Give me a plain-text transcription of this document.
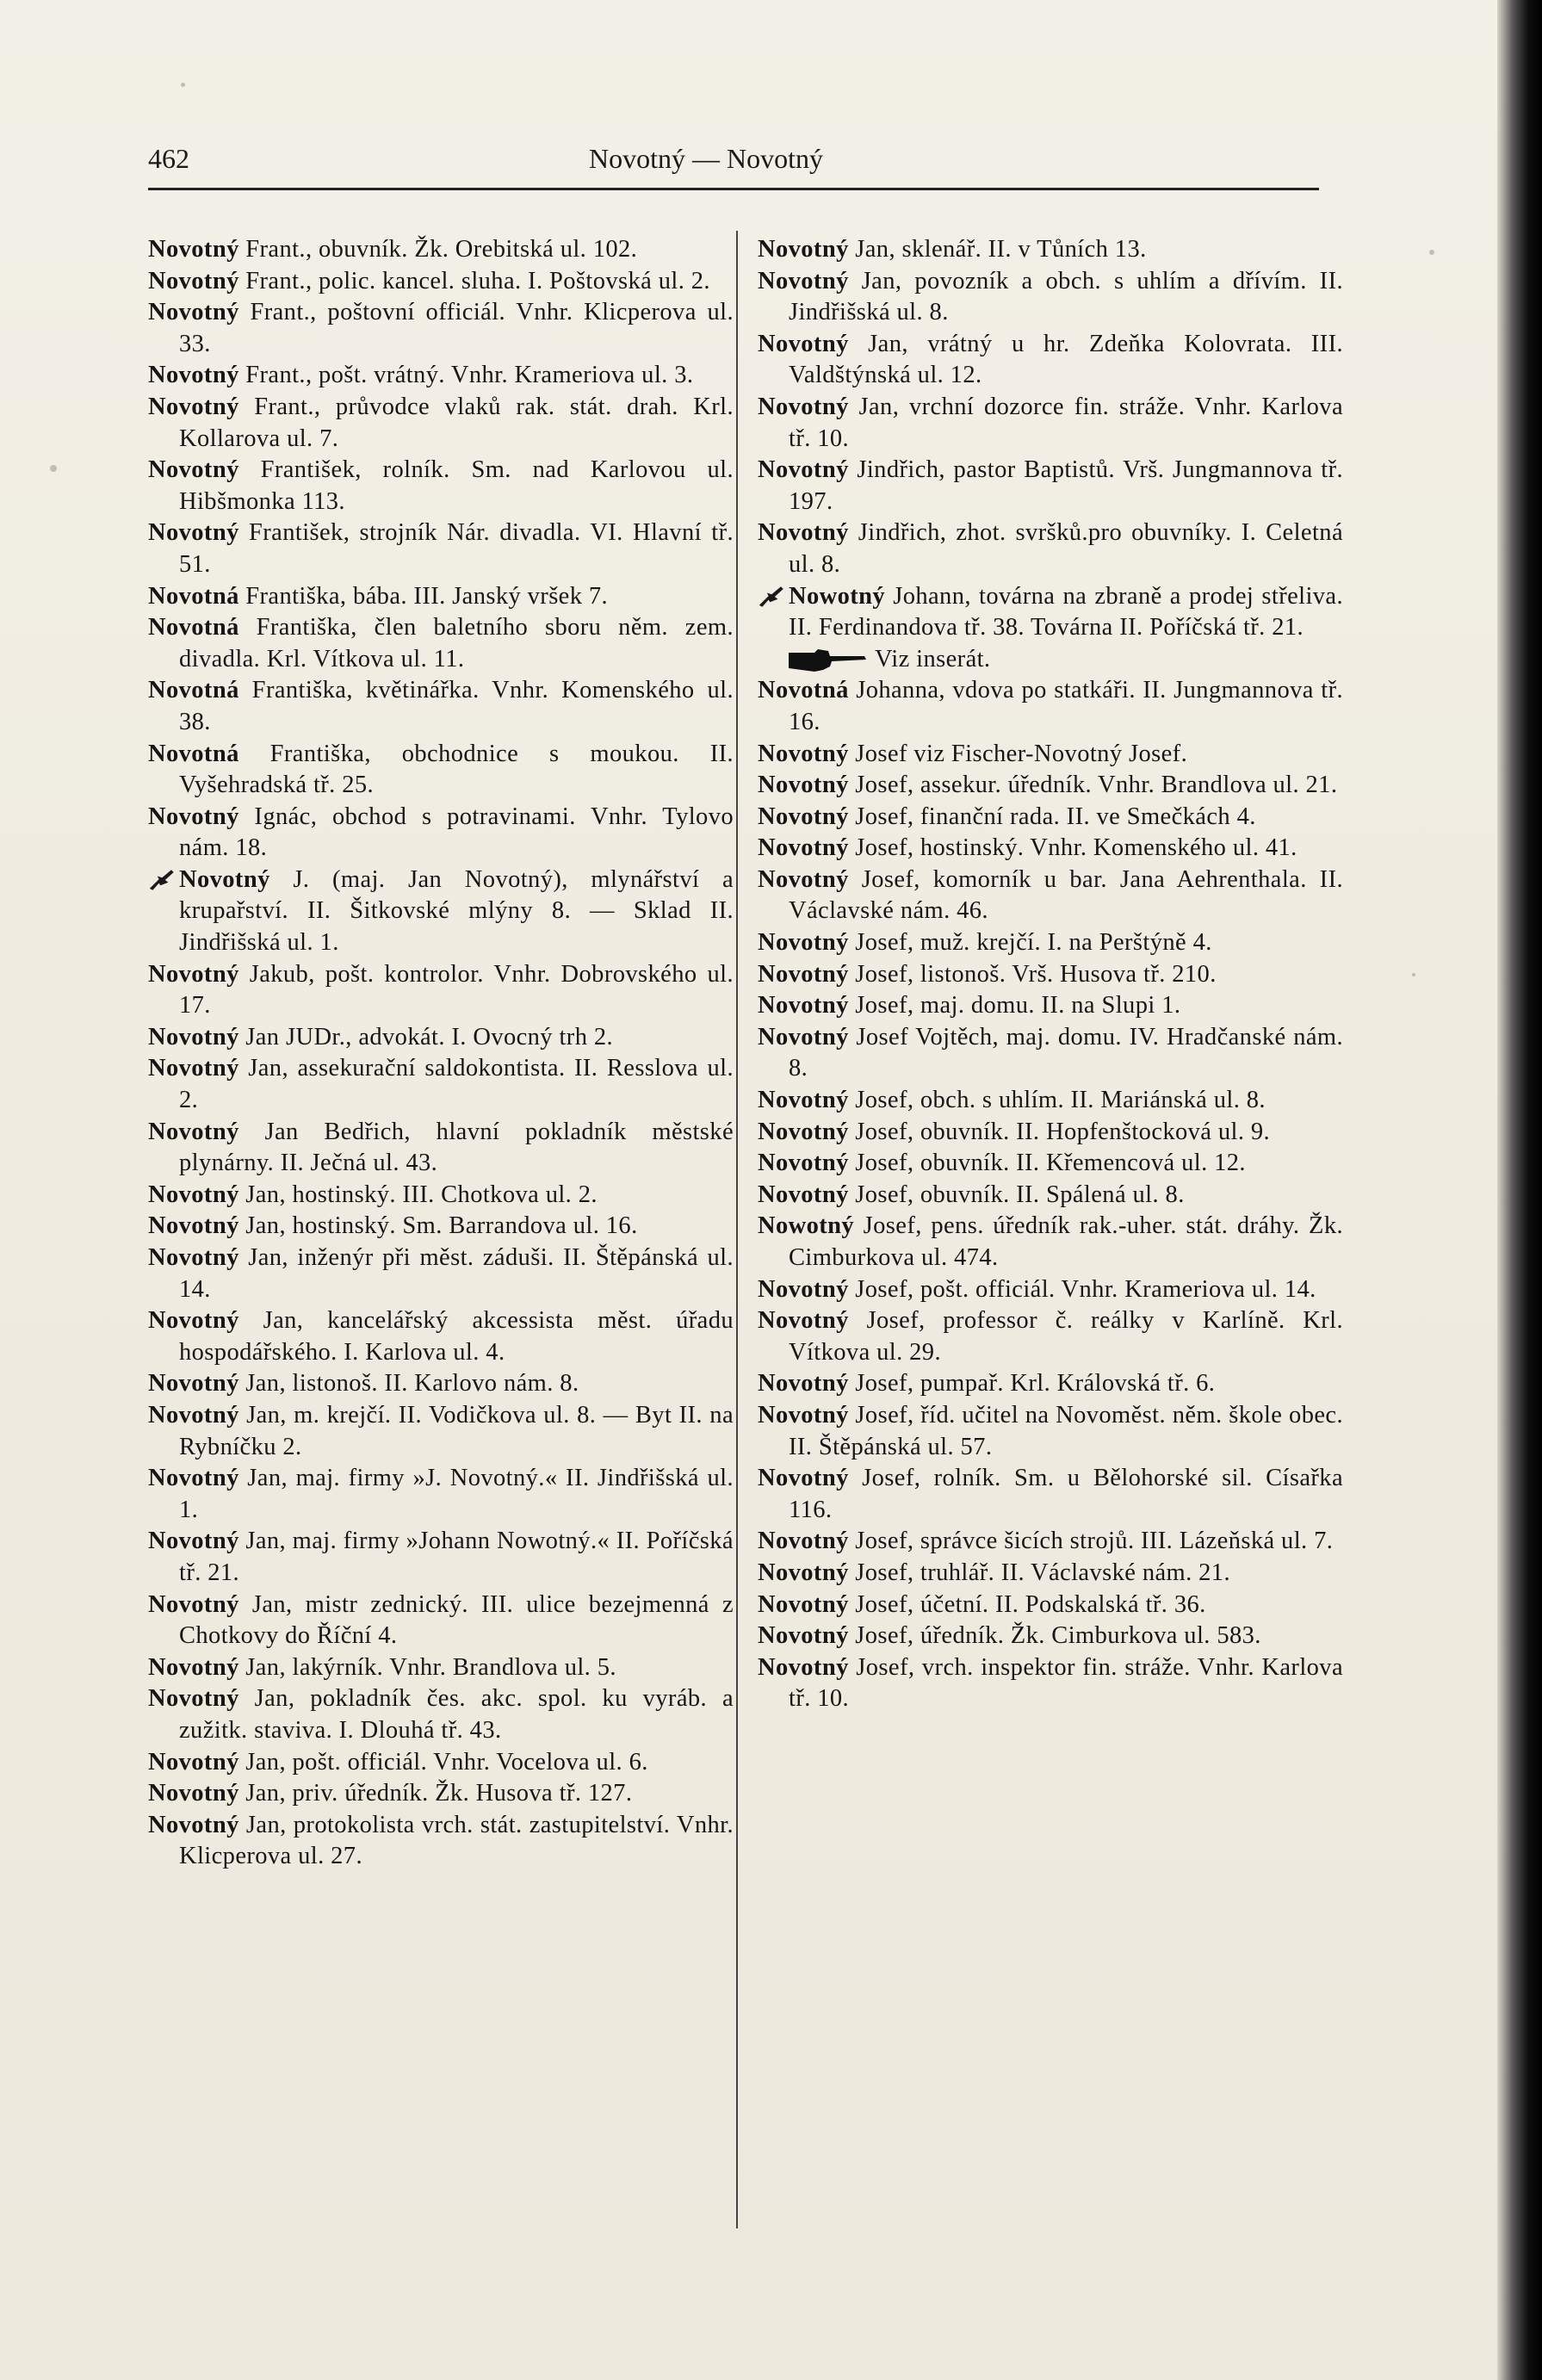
462	Novotný — Novotný
Novotný Frant., obuvník. Žk. Orebitská ul. 102.
Novotný Frant., polic. kancel. sluha. I. Poštovská ul. 2.
Novotný Frant., poštovní officiál. Vnhr. Klicperova ul. 33.
Novotný Frant., pošt. vrátný. Vnhr. Krameriova ul. 3.
Novotný Frant., průvodce vlaků rak. stát. drah. Krl. Kollarova ul. 7.
Novotný František, rolník. Sm. nad Karlovou ul. Hibšmonka 113.
Novotný František, strojník Nár. divadla. VI. Hlavní tř. 51.
Novotná Františka, bába. III. Janský vršek 7.
Novotná Františka, člen baletního sboru něm. zem. divadla. Krl. Vítkova ul. 11.
Novotná Františka, květinářka. Vnhr. Komenského ul. 38.
Novotná Františka, obchodnice s moukou. II. Vyšehradská tř. 25.
Novotný Ignác, obchod s potravinami. Vnhr. Tylovo nám. 18.
Novotný J. (maj. Jan Novotný), mlynářství a krupařství. II. Šitkovské mlýny 8. — Sklad II. Jindřišská ul. 1.
Novotný Jakub, pošt. kontrolor. Vnhr. Dobrovského ul. 17.
Novotný Jan JUDr., advokát. I. Ovocný trh 2.
Novotný Jan, assekurační saldokontista. II. Resslova ul. 2.
Novotný Jan Bedřich, hlavní pokladník městské plynárny. II. Ječná ul. 43.
Novotný Jan, hostinský. III. Chotkova ul. 2.
Novotný Jan, hostinský. Sm. Barrandova ul. 16.
Novotný Jan, inženýr při měst. záduši. II. Štěpánská ul. 14.
Novotný Jan, kancelářský akcessista měst. úřadu hospodářského. I. Karlova ul. 4.
Novotný Jan, listonoš. II. Karlovo nám. 8.
Novotný Jan, m. krejčí. II. Vodičkova ul. 8. — Byt II. na Rybníčku 2.
Novotný Jan, maj. firmy »J. Novotný.« II. Jindřišská ul. 1.
Novotný Jan, maj. firmy »Johann Nowotný.« II. Poříčská tř. 21.
Novotný Jan, mistr zednický. III. ulice bezejmenná z Chotkovy do Říční 4.
Novotný Jan, lakýrník. Vnhr. Brandlova ul. 5.
Novotný Jan, pokladník čes. akc. spol. ku vyráb. a zužitk. staviva. I. Dlouhá tř. 43.
Novotný Jan, pošt. officiál. Vnhr. Vocelova ul. 6.
Novotný Jan, priv. úředník. Žk. Husova tř. 127.
Novotný Jan, protokolista vrch. stát. zastupitelství. Vnhr. Klicperova ul. 27.
Novotný Jan, sklenář. II. v Tůních 13.
Novotný Jan, povozník a obch. s uhlím a dřívím. II. Jindřišská ul. 8.
Novotný Jan, vrátný u hr. Zdeňka Kolovrata. III. Valdštýnská ul. 12.
Novotný Jan, vrchní dozorce fin. stráže. Vnhr. Karlova tř. 10.
Novotný Jindřich, pastor Baptistů. Vrš. Jungmannova tř. 197.
Novotný Jindřich, zhot. svršků.pro obuvníky. I. Celetná ul. 8.
Nowotný Johann, továrna na zbraně a prodej střeliva. II. Ferdinandova tř. 38. Továrna II. Poříčská tř. 21.
Viz inserát.
Novotná Johanna, vdova po statkáři. II. Jungmannova tř. 16.
Novotný Josef viz Fischer-Novotný Josef.
Novotný Josef, assekur. úředník. Vnhr. Brandlova ul. 21.
Novotný Josef, finanční rada. II. ve Smečkách 4.
Novotný Josef, hostinský. Vnhr. Komenského ul. 41.
Novotný Josef, komorník u bar. Jana Aehrenthala. II. Václavské nám. 46.
Novotný Josef, muž. krejčí. I. na Perštýně 4.
Novotný Josef, listonoš. Vrš. Husova tř. 210.
Novotný Josef, maj. domu. II. na Slupi 1.
Novotný Josef Vojtěch, maj. domu. IV. Hradčanské nám. 8.
Novotný Josef, obch. s uhlím. II. Mariánská ul. 8.
Novotný Josef, obuvník. II. Hopfenštocková ul. 9.
Novotný Josef, obuvník. II. Křemencová ul. 12.
Novotný Josef, obuvník. II. Spálená ul. 8.
Nowotný Josef, pens. úředník rak.-uher. stát. dráhy. Žk. Cimburkova ul. 474.
Novotný Josef, pošt. officiál. Vnhr. Krameriova ul. 14.
Novotný Josef, professor č. reálky v Karlíně. Krl. Vítkova ul. 29.
Novotný Josef, pumpař. Krl. Královská tř. 6.
Novotný Josef, říd. učitel na Novoměst. něm. škole obec. II. Štěpánská ul. 57.
Novotný Josef, rolník. Sm. u Bělohorské sil. Císařka 116.
Novotný Josef, správce šicích strojů. III. Lázeňská ul. 7.
Novotný Josef, truhlář. II. Václavské nám. 21.
Novotný Josef, účetní. II. Podskalská tř. 36.
Novotný Josef, úředník. Žk. Cimburkova ul. 583.
Novotný Josef, vrch. inspektor fin. stráže. Vnhr. Karlova tř. 10.
